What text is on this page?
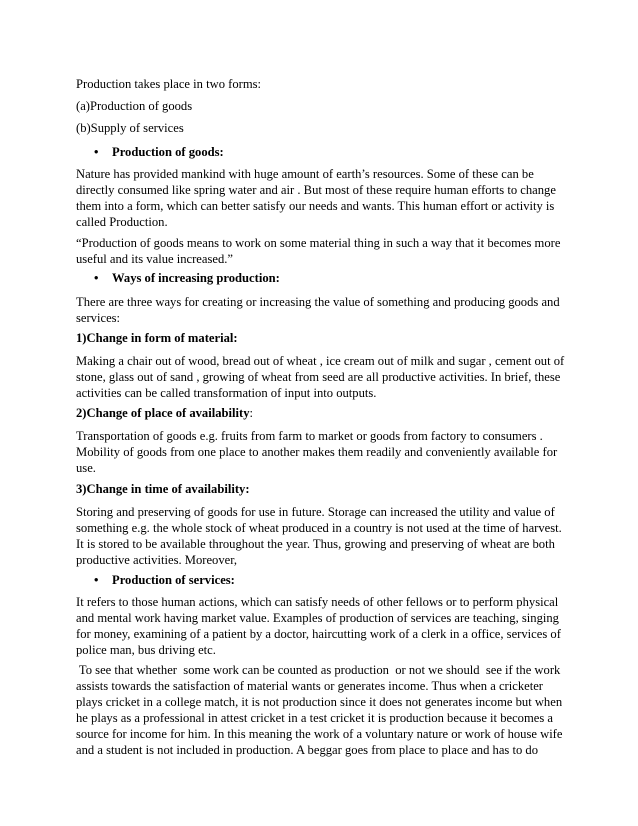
Production takes place in two forms:
(a)Production of goods
(b)Supply of services
• Production of goods:
Nature has provided mankind with huge amount of earth’s resources. Some of these can be
directly consumed like spring water and air . But most of these require human efforts to change
them into a form, which can better satisfy our needs and wants. This human effort or activity is
called Production.
“Production of goods means to work on some material thing in such a way that it becomes more
useful and its value increased.”
• Ways of increasing production:
There are three ways for creating or increasing the value of something and producing goods and
services:
1)Change in form of material:
Making a chair out of wood, bread out of wheat , ice cream out of milk and sugar , cement out of
stone, glass out of sand , growing of wheat from seed are all productive activities. In brief, these
activities can be called transformation of input into outputs.
2)Change of place of availability:
Transportation of goods e.g. fruits from farm to market or goods from factory to consumers .
Mobility of goods from one place to another makes them readily and conveniently available for
use.
3)Change in time of availability:
Storing and preserving of goods for use in future. Storage can increased the utility and value of
something e.g. the whole stock of wheat produced in a country is not used at the time of harvest.
It is stored to be available throughout the year. Thus, growing and preserving of wheat are both
productive activities. Moreover,
• Production of services:
It refers to those human actions, which can satisfy needs of other fellows or to perform physical
and mental work having market value. Examples of production of services are teaching, singing
for money, examining of a patient by a doctor, haircutting work of a clerk in a office, services of
police man, bus driving etc.
To see that whether  some work can be counted as production  or not we should  see if the work
assists towards the satisfaction of material wants or generates income. Thus when a cricketer
plays cricket in a college match, it is not production since it does not generates income but when
he plays as a professional in attest cricket in a test cricket it is production because it becomes a
source for income for him. In this meaning the work of a voluntary nature or work of house wife
and a student is not included in production. A beggar goes from place to place and has to do
